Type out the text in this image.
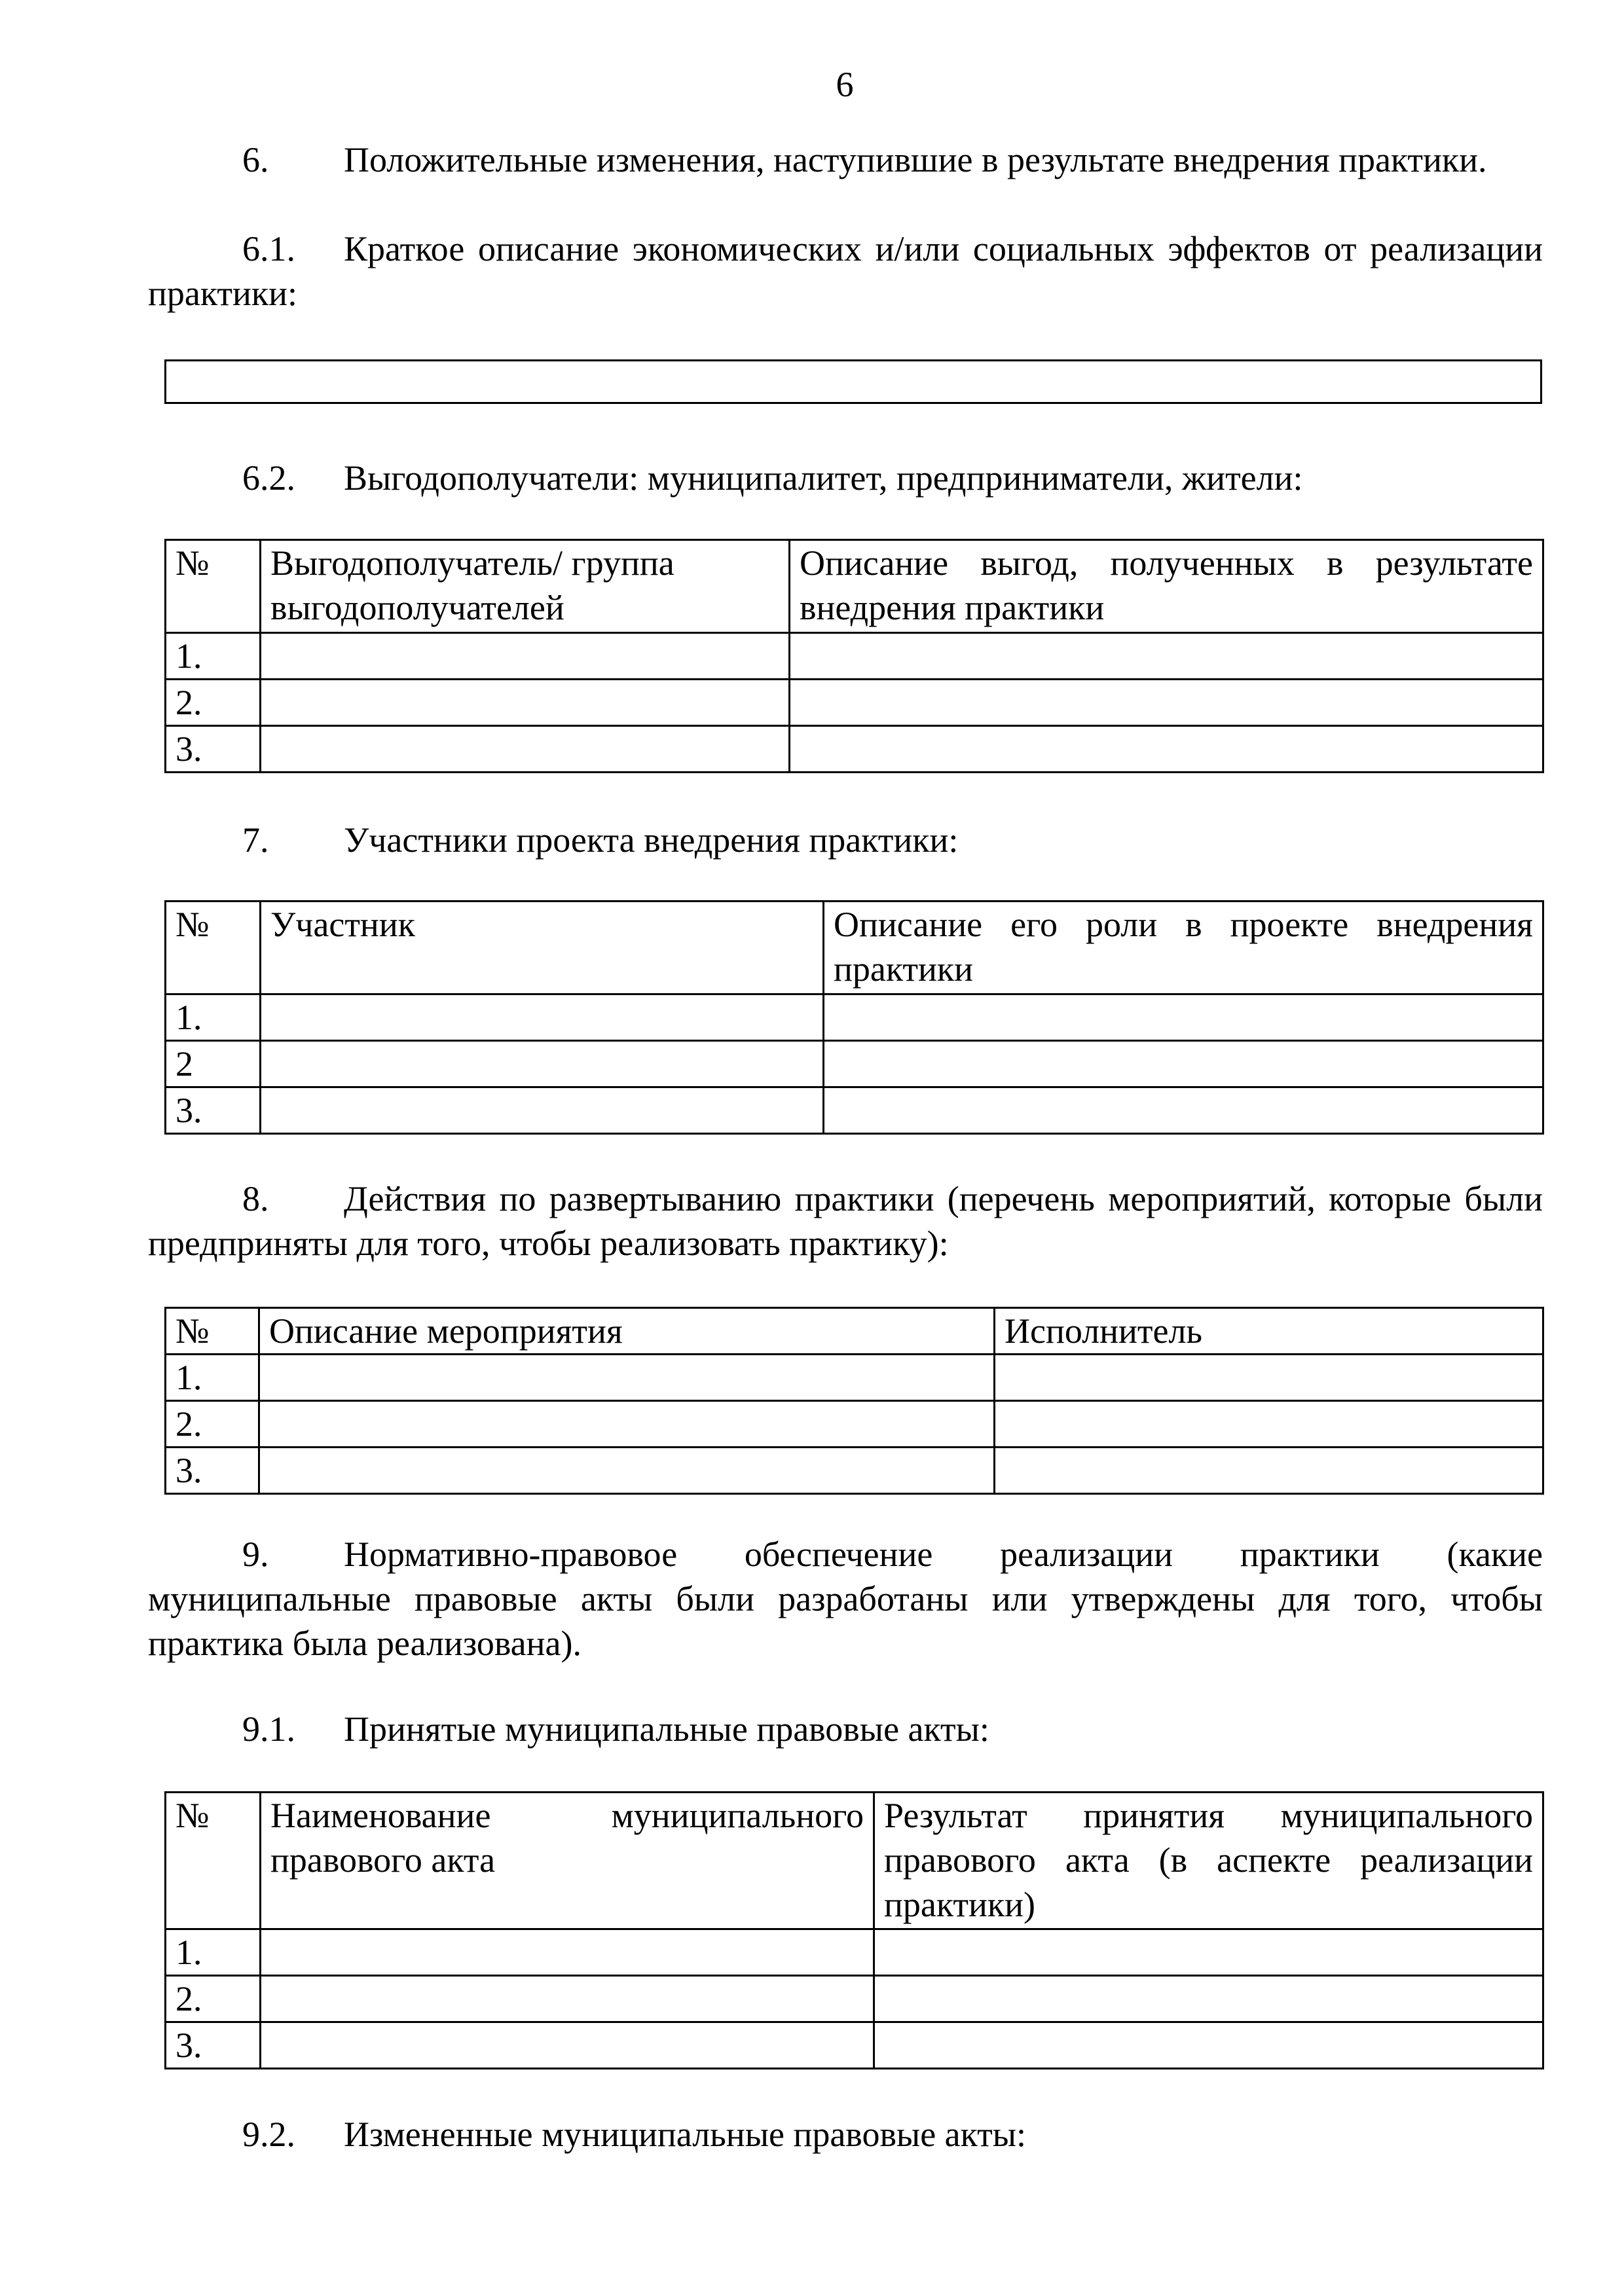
6
6. Положительные изменения, наступившие в результате внедрения практики.
6.1. Краткое описание экономических и/или социальных эффектов от реализации практики:
6.2. Выгодополучатели: муниципалитет, предприниматели, жители:
№	Выгодополучатель/ группа выгодополучателей	Описание выгод, полученных в результате внедрения практики
1.		
2.		
3.		
7. Участники проекта внедрения практики:
№	Участник	Описание его роли в проекте внедрения практики
1.		
2		
3.		
8. Действия по развертыванию практики (перечень мероприятий, которые были предприняты для того, чтобы реализовать практику):
№	Описание мероприятия	Исполнитель
1.		
2.		
3.		
9. Нормативно-правовое обеспечение реализации практики (какие муниципальные правовые акты были разработаны или утверждены для того, чтобы практика была реализована).
9.1. Принятые муниципальные правовые акты:
№	Наименование муниципального правового акта	Результат принятия муниципального правового акта (в аспекте реализации практики)
1.		
2.		
3.		
9.2. Измененные муниципальные правовые акты:
